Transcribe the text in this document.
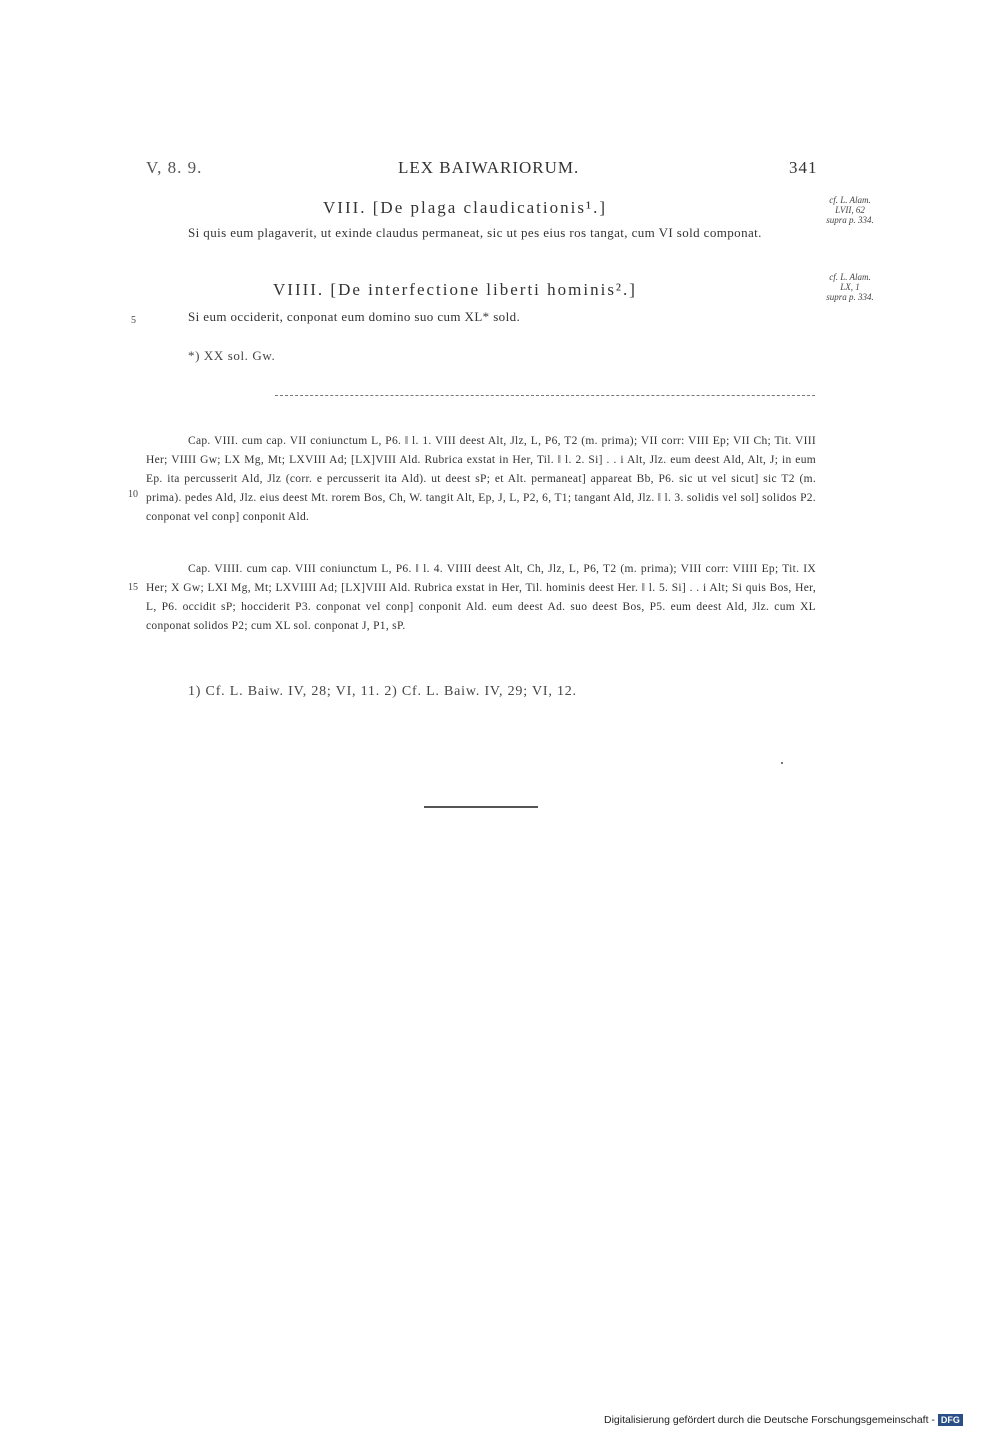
V, 8. 9.	LEX BAIWARIORUM.	341
VIII. [De plaga claudicationis¹.]	cf. L. Alam.
LVII, 62
supra p. 334.
Si quis eum plagaverit, ut exinde claudus permaneat, sic ut pes eius ros tangat, cum VI sold componat.
VIIII. [De interfectione liberti hominis².]
cf. L. Alam.
LX, 1
supra p. 334.
5	Si eum occiderit, conponat eum domino suo cum XL* sold.
*) XX sol. Gw.
Cap. VIII. cum cap. VII coniunctum L, P6. ‖ l. 1. VIII deest Alt, Jlz, L, P6, T2 (m. prima); VII corr: VIII Ep; VII Ch; Tit. VIII Her; VIIII Gw; LX Mg, Mt; LXVIII Ad; [LX]VIII Ald. Rubrica exstat in Her, Til. ‖ l. 2. Si] . . i Alt, Jlz. eum deest Ald, Alt, J; in eum Ep. ita percusserit Ald, Jlz (corr. e percusserit ita Ald). ut deest sP; et Alt. permaneat] appareat Bb, P6. sic ut vel sicut] sic T2 (m. prima). pedes Ald, Jlz. eius deest Mt. rorem Bos, Ch, W. tangit Alt, Ep, J, L, P2, 6, T1; tangant Ald, Jlz. ‖ l. 3. solidis vel sol] solidos P2. conponat vel conp] conponit Ald.
10
Cap. VIIII. cum cap. VIII coniunctum L, P6. ‖ l. 4. VIIII deest Alt, Ch, Jlz, L, P6, T2 (m. prima); VIII corr: VIIII Ep; Tit. IX Her; X Gw; LXI Mg, Mt; LXVIIII Ad; [LX]VIII Ald. Rubrica exstat in Her, Til. hominis deest Her. ‖ l. 5. Si] . . i Alt; Si quis Bos, Her, L, P6. occidit sP; hocciderit P3. conponat vel conp] conponit Ald. eum deest Ad. suo deest Bos, P5. eum deest Ald, Jlz. cum XL conponat solidos P2; cum XL sol. conponat J, P1, sP.
15
1) Cf. L. Baiw. IV, 28; VI, 11. 2) Cf. L. Baiw. IV, 29; VI, 12.
Digitalisierung gefördert durch die Deutsche Forschungsgemeinschaft - DFG
